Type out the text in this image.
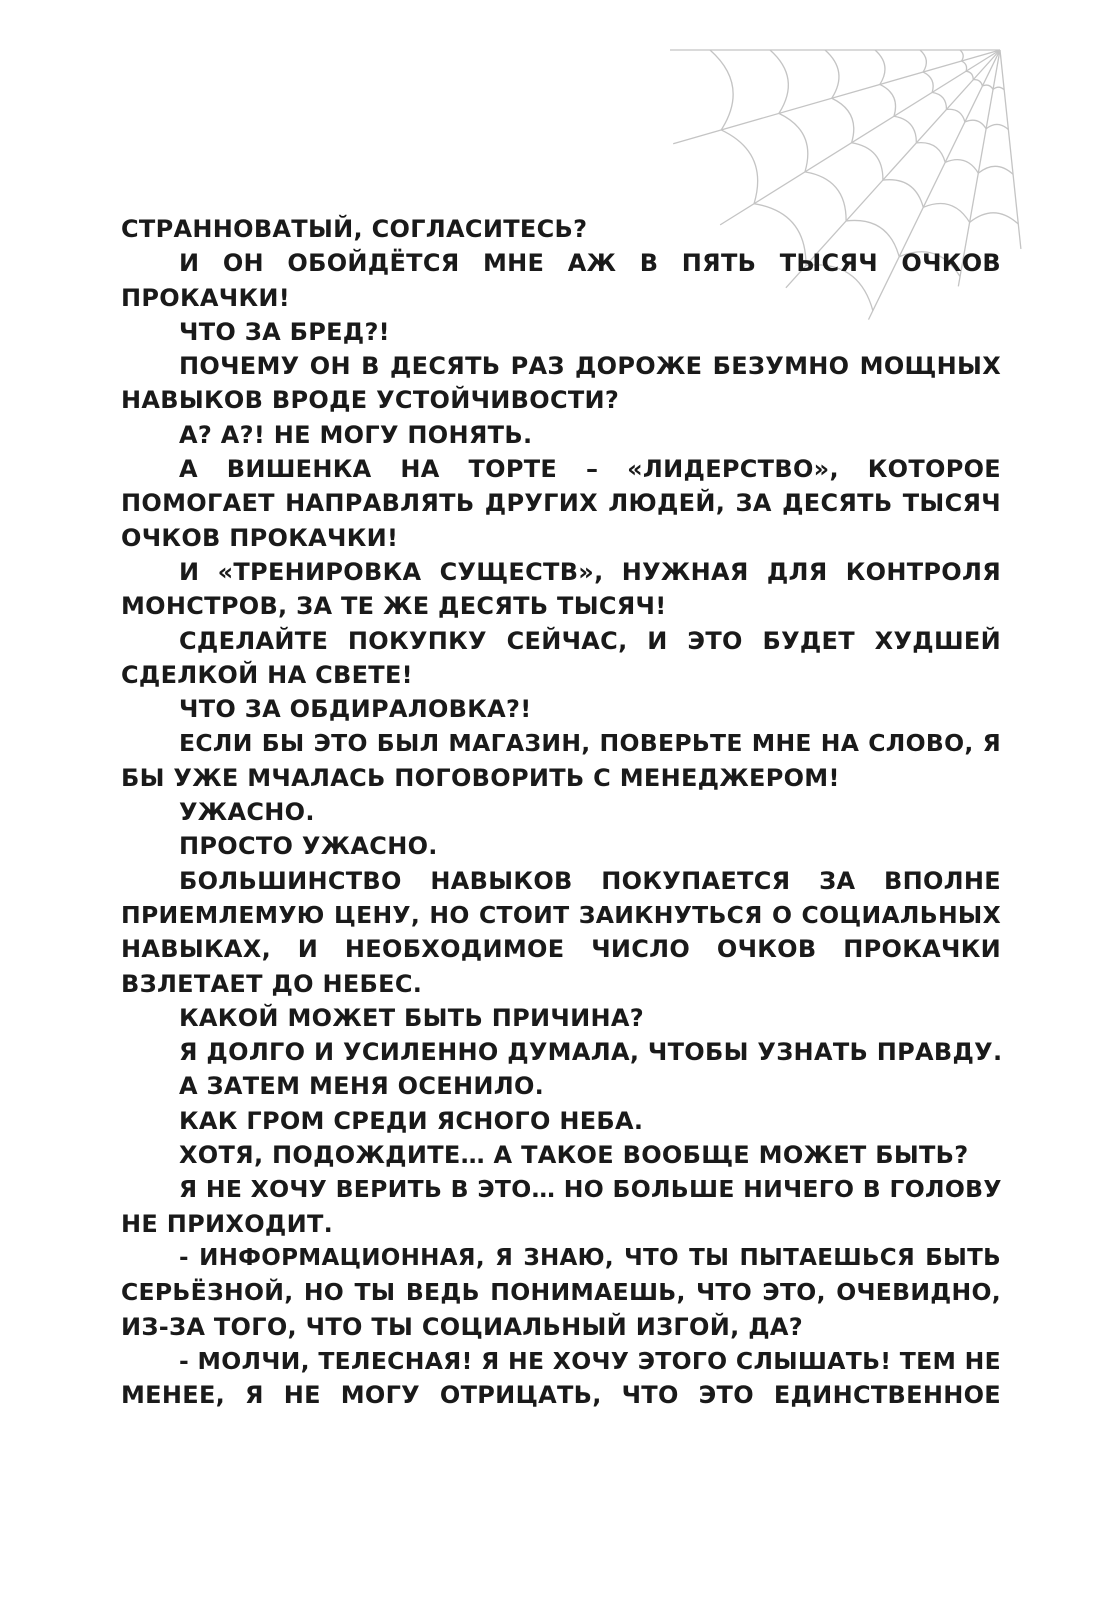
СТРАННОВАТЫЙ, СОГЛАСИТЕСЬ?
И ОН ОБОЙДЁТСЯ МНЕ АЖ В ПЯТЬ ТЫСЯЧ ОЧКОВ
ПРОКАЧКИ!
ЧТО ЗА БРЕД?!
ПОЧЕМУ ОН В ДЕСЯТЬ РАЗ ДОРОЖЕ БЕЗУМНО МОЩНЫХ
НАВЫКОВ ВРОДЕ УСТОЙЧИВОСТИ?
А? А?! НЕ МОГУ ПОНЯТЬ.
А ВИШЕНКА НА ТОРТЕ – «ЛИДЕРСТВО», КОТОРОЕ
ПОМОГАЕТ НАПРАВЛЯТЬ ДРУГИХ ЛЮДЕЙ, ЗА ДЕСЯТЬ ТЫСЯЧ
ОЧКОВ ПРОКАЧКИ!
И «ТРЕНИРОВКА СУЩЕСТВ», НУЖНАЯ ДЛЯ КОНТРОЛЯ
МОНСТРОВ, ЗА ТЕ ЖЕ ДЕСЯТЬ ТЫСЯЧ!
СДЕЛАЙТЕ ПОКУПКУ СЕЙЧАС, И ЭТО БУДЕТ ХУДШЕЙ
СДЕЛКОЙ НА СВЕТЕ!
ЧТО ЗА ОБДИРАЛОВКА?!
ЕСЛИ БЫ ЭТО БЫЛ МАГАЗИН, ПОВЕРЬТЕ МНЕ НА СЛОВО, Я
БЫ УЖЕ МЧАЛАСЬ ПОГОВОРИТЬ С МЕНЕДЖЕРОМ!
УЖАСНО.
ПРОСТО УЖАСНО.
БОЛЬШИНСТВО НАВЫКОВ ПОКУПАЕТСЯ ЗА ВПОЛНЕ
ПРИЕМЛЕМУЮ ЦЕНУ, НО СТОИТ ЗАИКНУТЬСЯ О СОЦИАЛЬНЫХ
НАВЫКАХ, И НЕОБХОДИМОЕ ЧИСЛО ОЧКОВ ПРОКАЧКИ
ВЗЛЕТАЕТ ДО НЕБЕС.
КАКОЙ МОЖЕТ БЫТЬ ПРИЧИНА?
Я ДОЛГО И УСИЛЕННО ДУМАЛА, ЧТОБЫ УЗНАТЬ ПРАВДУ.
А ЗАТЕМ МЕНЯ ОСЕНИЛО.
КАК ГРОМ СРЕДИ ЯСНОГО НЕБА.
ХОТЯ, ПОДОЖДИТЕ… А ТАКОЕ ВООБЩЕ МОЖЕТ БЫТЬ?
Я НЕ ХОЧУ ВЕРИТЬ В ЭТО… НО БОЛЬШЕ НИЧЕГО В ГОЛОВУ
НЕ ПРИХОДИТ.
- ИНФОРМАЦИОННАЯ, Я ЗНАЮ, ЧТО ТЫ ПЫТАЕШЬСЯ БЫТЬ
СЕРЬЁЗНОЙ, НО ТЫ ВЕДЬ ПОНИМАЕШЬ, ЧТО ЭТО, ОЧЕВИДНО,
ИЗ-ЗА ТОГО, ЧТО ТЫ СОЦИАЛЬНЫЙ ИЗГОЙ, ДА?
- МОЛЧИ, ТЕЛЕСНАЯ! Я НЕ ХОЧУ ЭТОГО СЛЫШАТЬ! ТЕМ НЕ
МЕНЕЕ, Я НЕ МОГУ ОТРИЦАТЬ, ЧТО ЭТО ЕДИНСТВЕННОЕ
